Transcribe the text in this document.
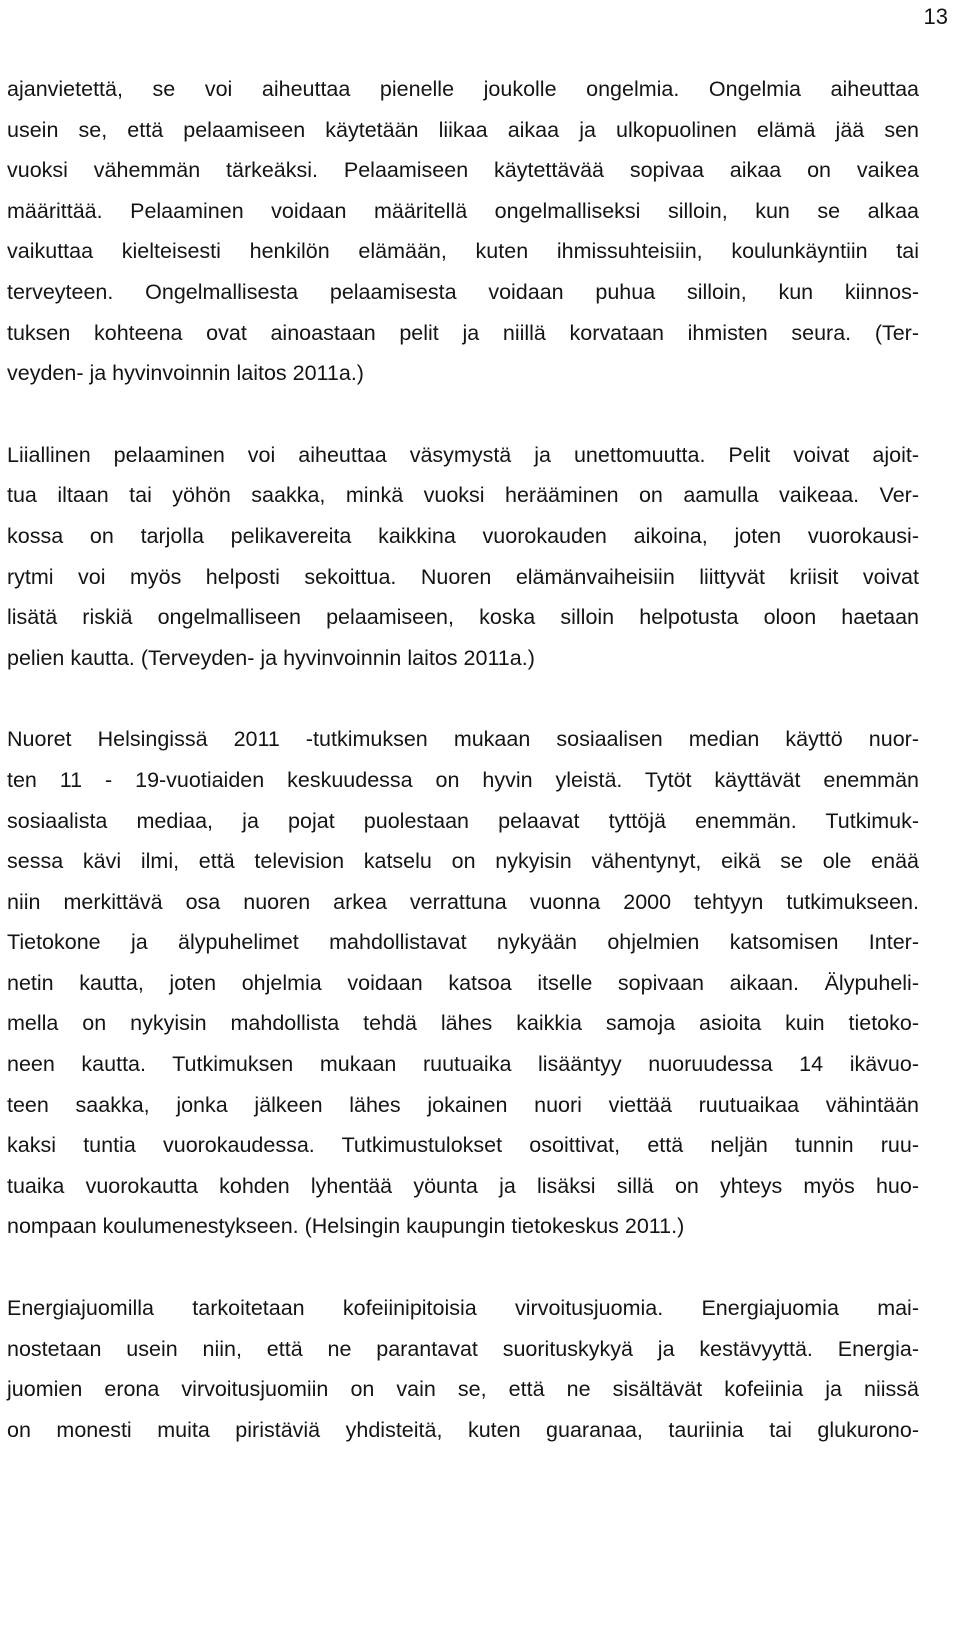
13

ajanvietettä, se voi aiheuttaa pienelle joukolle ongelmia. Ongelmia aiheuttaa
usein se, että pelaamiseen käytetään liikaa aikaa ja ulkopuolinen elämä jää sen
vuoksi vähemmän tärkeäksi. Pelaamiseen käytettävää sopivaa aikaa on vaikea
määrittää. Pelaaminen voidaan määritellä ongelmalliseksi silloin, kun se alkaa
vaikuttaa kielteisesti henkilön elämään, kuten ihmissuhteisiin, koulunkäyntiin tai
terveyteen. Ongelmallisesta pelaamisesta voidaan puhua silloin, kun kiinnos-
tuksen kohteena ovat ainoastaan pelit ja niillä korvataan ihmisten seura. (Ter-
veyden- ja hyvinvoinnin laitos 2011a.)

Liiallinen pelaaminen voi aiheuttaa väsymystä ja unettomuutta. Pelit voivat ajoit-
tua iltaan tai yöhön saakka, minkä vuoksi herääminen on aamulla vaikeaa. Ver-
kossa on tarjolla pelikavereita kaikkina vuorokauden aikoina, joten vuorokausi-
rytmi voi myös helposti sekoittua. Nuoren elämänvaiheisiin liittyvät kriisit voivat
lisätä riskiä ongelmalliseen pelaamiseen, koska silloin helpotusta oloon haetaan
pelien kautta. (Terveyden- ja hyvinvoinnin laitos 2011a.)

Nuoret Helsingissä 2011 -tutkimuksen mukaan sosiaalisen median käyttö nuor-
ten 11 - 19-vuotiaiden keskuudessa on hyvin yleistä. Tytöt käyttävät enemmän
sosiaalista mediaa, ja pojat puolestaan pelaavat tyttöjä enemmän. Tutkimuk-
sessa kävi ilmi, että television katselu on nykyisin vähentynyt, eikä se ole enää
niin merkittävä osa nuoren arkea verrattuna vuonna 2000 tehtyyn tutkimukseen.
Tietokone ja älypuhelimet mahdollistavat nykyään ohjelmien katsomisen Inter-
netin kautta, joten ohjelmia voidaan katsoa itselle sopivaan aikaan. Älypuheli-
mella on nykyisin mahdollista tehdä lähes kaikkia samoja asioita kuin tietoko-
neen kautta. Tutkimuksen mukaan ruutuaika lisääntyy nuoruudessa 14 ikävuo-
teen saakka, jonka jälkeen lähes jokainen nuori viettää ruutuaikaa vähintään
kaksi tuntia vuorokaudessa. Tutkimustulokset osoittivat, että neljän tunnin ruu-
tuaika vuorokautta kohden lyhentää yöunta ja lisäksi sillä on yhteys myös huo-
nompaan koulumenestykseen. (Helsingin kaupungin tietokeskus 2011.)

Energiajuomilla tarkoitetaan kofeiinipitoisia virvoitusjuomia. Energiajuomia mai-
nostetaan usein niin, että ne parantavat suorituskykyä ja kestävyyttä. Energia-
juomien erona virvoitusjuomiin on vain se, että ne sisältävät kofeiinia ja niissä
on monesti muita piristäviä yhdisteitä, kuten guaranaa, tauriinia tai glukurono-
